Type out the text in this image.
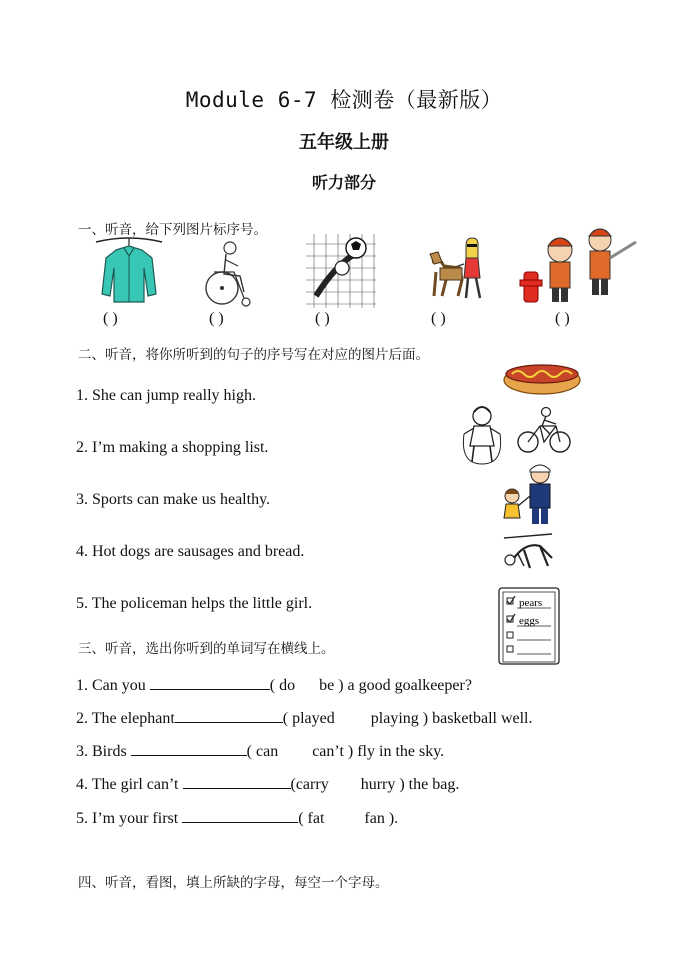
Module 6-7 检测卷（最新版）
五年级上册
听力部分
一、听音，给下列图片标序号。
( )	( )	( )	( )	( )
二、听音，将你所听到的句子的序号写在对应的图片后面。
1. She can jump really high.
2. I’m making a shopping list.
3. Sports can make us healthy.
4. Hot dogs are sausages and bread.
5. The policeman helps the little girl.	pears
eggs
三、听音，选出你听到的单词写在横线上。
1. Can you	( do be ) a good goalkeeper?
2. The elephant	( played playing ) basketball well.
3. Birds	( can can’t ) fly in the sky.
4. The girl can’t	(carry hurry ) the bag.
5. I’m your first	( fat	fan ).
四、听音，看图，填上所缺的字母，每空一个字母。
